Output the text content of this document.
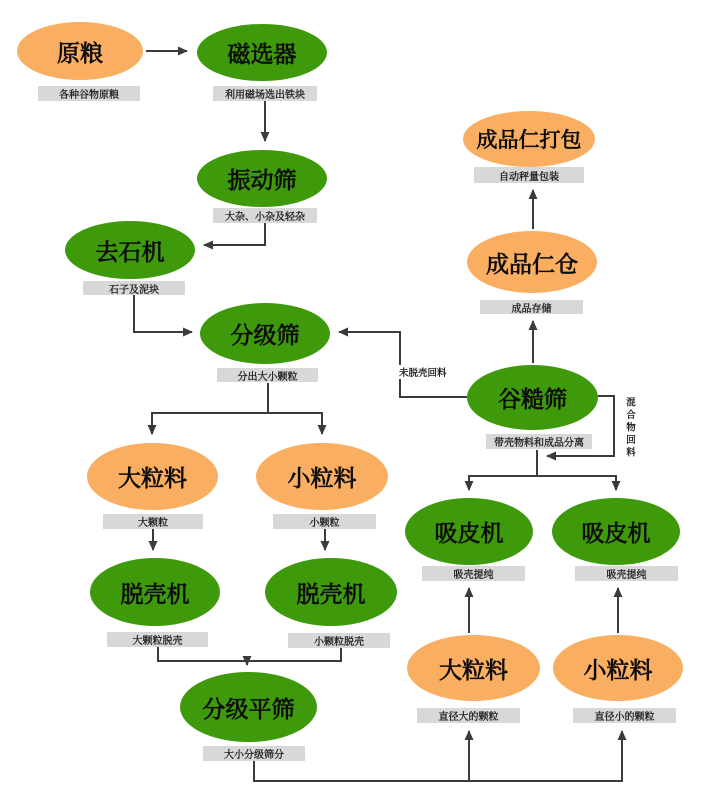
原粮
各种谷物原粮
磁选器
利用磁场选出铁块
振动筛
大杂、小杂及轻杂
去石机
石子及泥块
分级筛
分出大小颗粒
成品仁打包
自动秤量包装
成品仁仓
成品存储
谷糙筛
带壳物料和成品分离
吸皮机
吸壳提纯
吸皮机
吸壳提纯
大粒料
大颗粒
小粒料
小颗粒
脱壳机
大颗粒脱壳
脱壳机
小颗粒脱壳
大粒料
直径大的颗粒
小粒料
直径小的颗粒
分级平筛
大小分级筛分
未脱壳回料
混合物回料
